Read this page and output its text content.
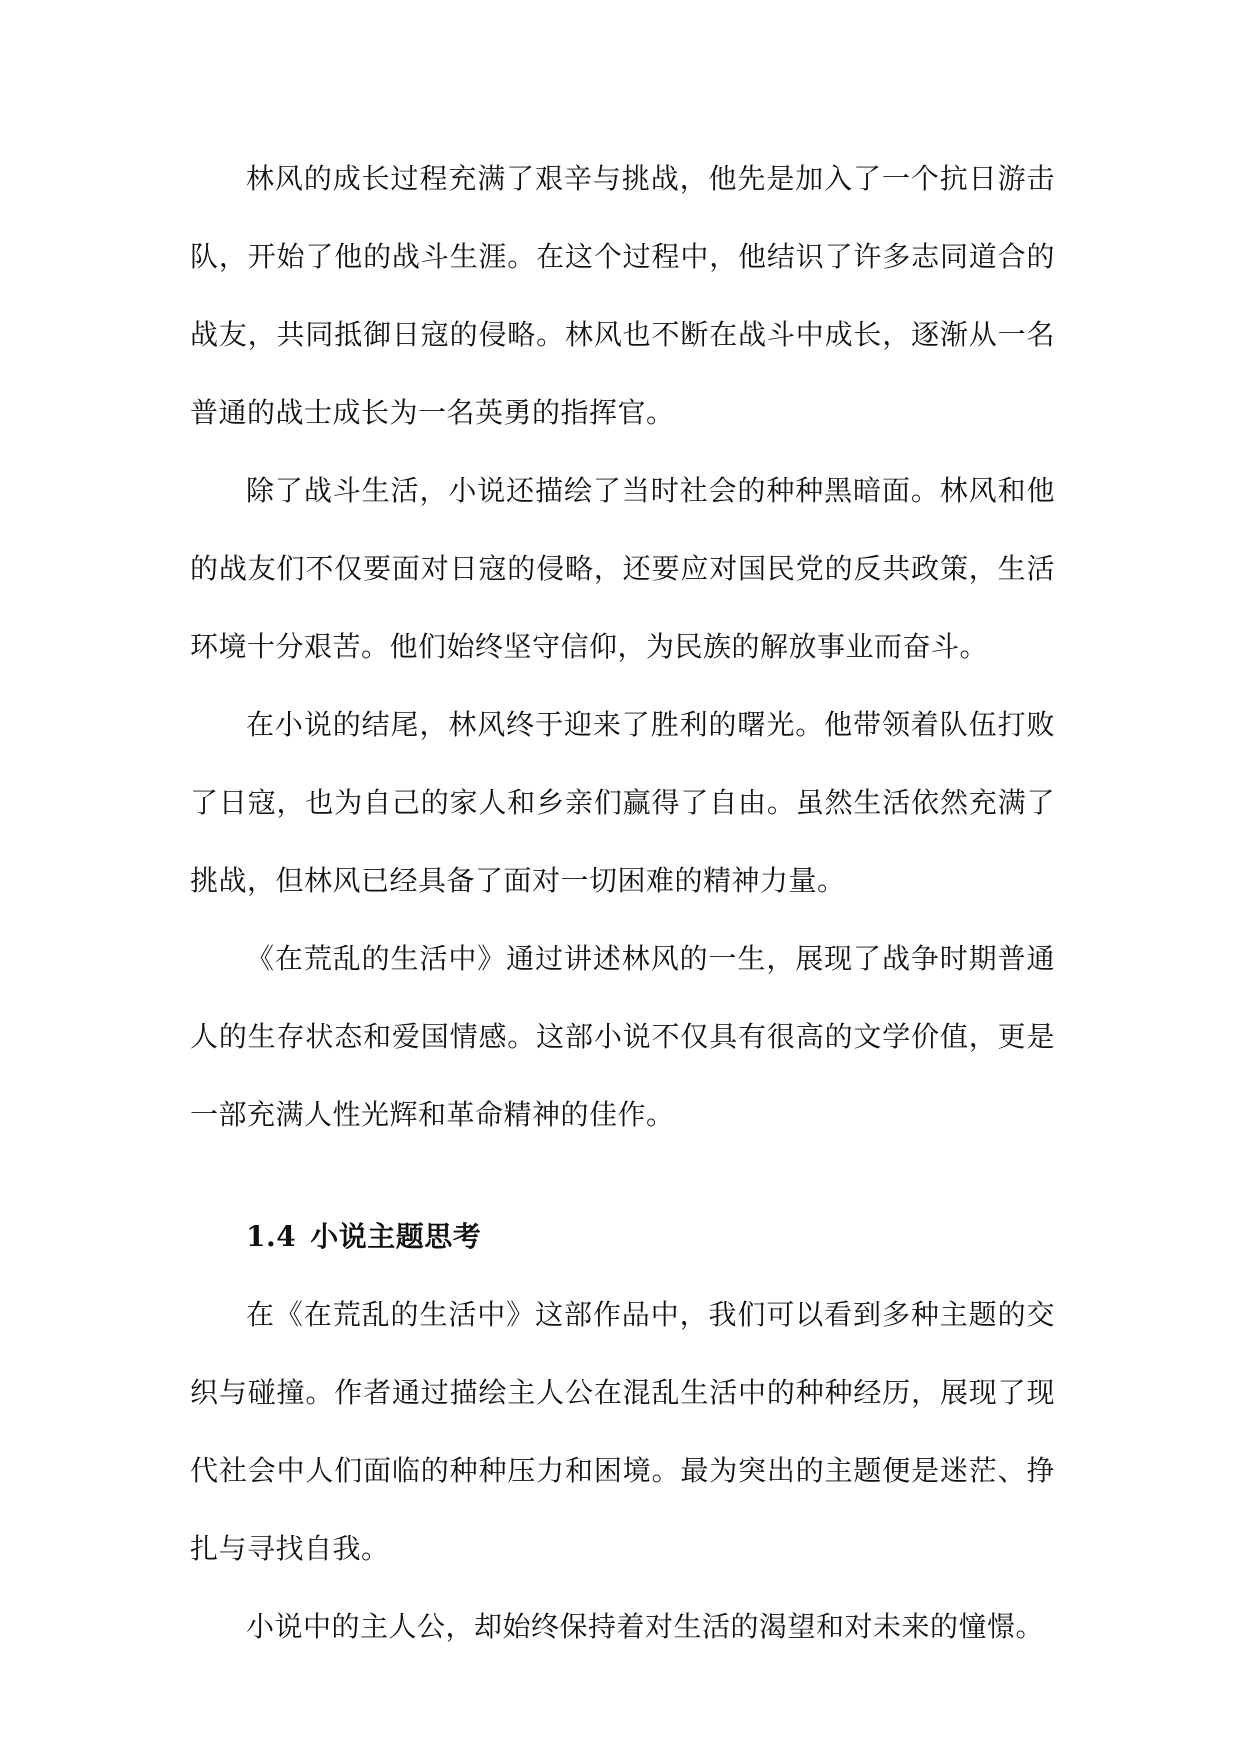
林风的成长过程充满了艰辛与挑战，他先是加入了一个抗日游击队，开始了他的战斗生涯。在这个过程中，他结识了许多志同道合的战友，共同抵御日寇的侵略。林风也不断在战斗中成长，逐渐从一名普通的战士成长为一名英勇的指挥官。

除了战斗生活，小说还描绘了当时社会的种种黑暗面。林风和他的战友们不仅要面对日寇的侵略，还要应对国民党的反共政策，生活环境十分艰苦。他们始终坚守信仰，为民族的解放事业而奋斗。

在小说的结尾，林风终于迎来了胜利的曙光。他带领着队伍打败了日寇，也为自己的家人和乡亲们赢得了自由。虽然生活依然充满了挑战，但林风已经具备了面对一切困难的精神力量。

《在荒乱的生活中》通过讲述林风的一生，展现了战争时期普通人的生存状态和爱国情感。这部小说不仅具有很高的文学价值，更是一部充满人性光辉和革命精神的佳作。

1.4 小说主题思考

在《在荒乱的生活中》这部作品中，我们可以看到多种主题的交织与碰撞。作者通过描绘主人公在混乱生活中的种种经历，展现了现代社会中人们面临的种种压力和困境。最为突出的主题便是迷茫、挣扎与寻找自我。

小说中的主人公，却始终保持着对生活的渴望和对未来的憧憬。
